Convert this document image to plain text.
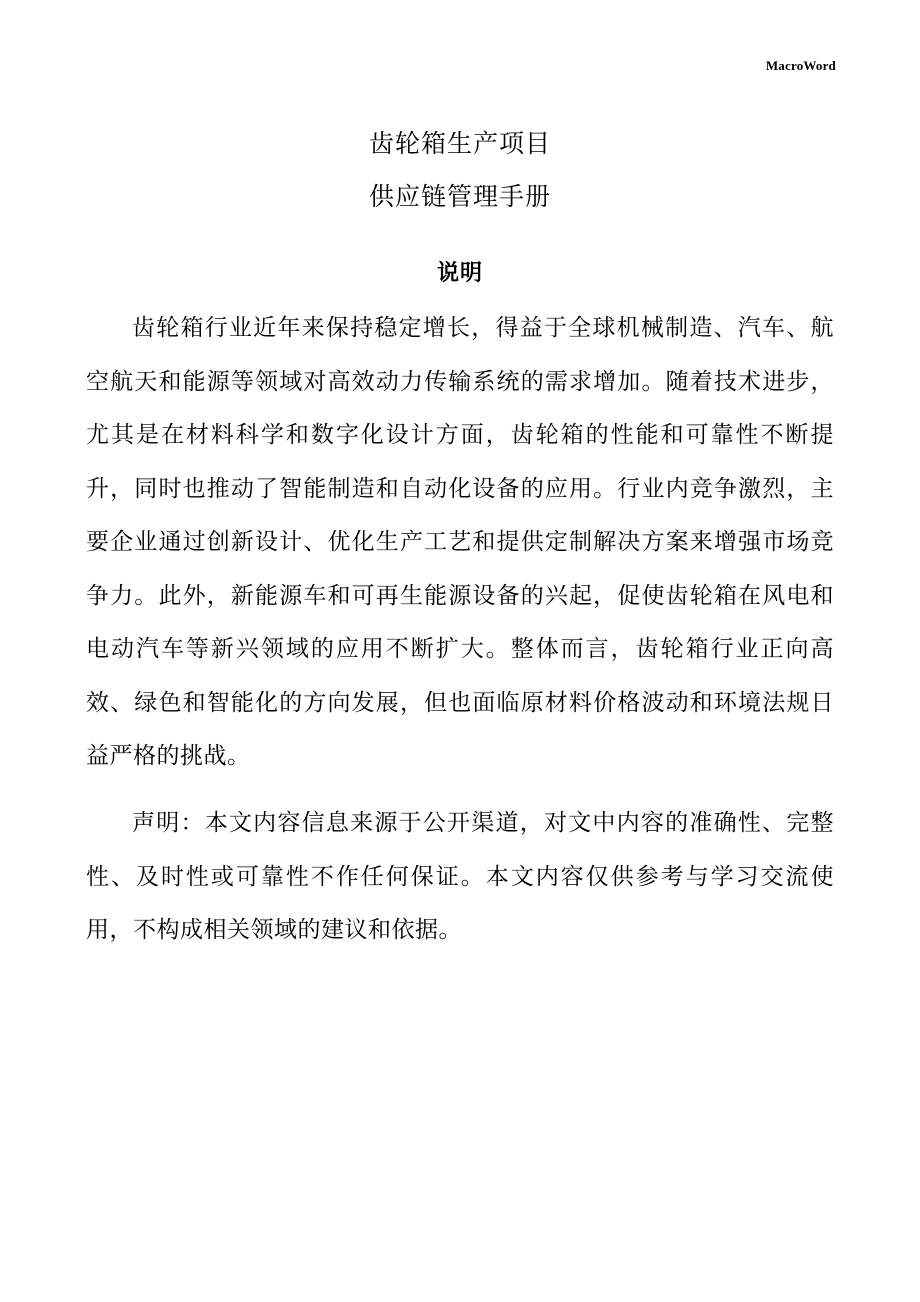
MacroWord
齿轮箱生产项目
供应链管理手册
说明

齿轮箱行业近年来保持稳定增长，得益于全球机械制造、汽车、航空航天和能源等领域对高效动力传输系统的需求增加。随着技术进步，尤其是在材料科学和数字化设计方面，齿轮箱的性能和可靠性不断提升，同时也推动了智能制造和自动化设备的应用。行业内竞争激烈，主要企业通过创新设计、优化生产工艺和提供定制解决方案来增强市场竞争力。此外，新能源车和可再生能源设备的兴起，促使齿轮箱在风电和电动汽车等新兴领域的应用不断扩大。整体而言，齿轮箱行业正向高效、绿色和智能化的方向发展，但也面临原材料价格波动和环境法规日益严格的挑战。

声明：本文内容信息来源于公开渠道，对文中内容的准确性、完整性、及时性或可靠性不作任何保证。本文内容仅供参考与学习交流使用，不构成相关领域的建议和依据。
